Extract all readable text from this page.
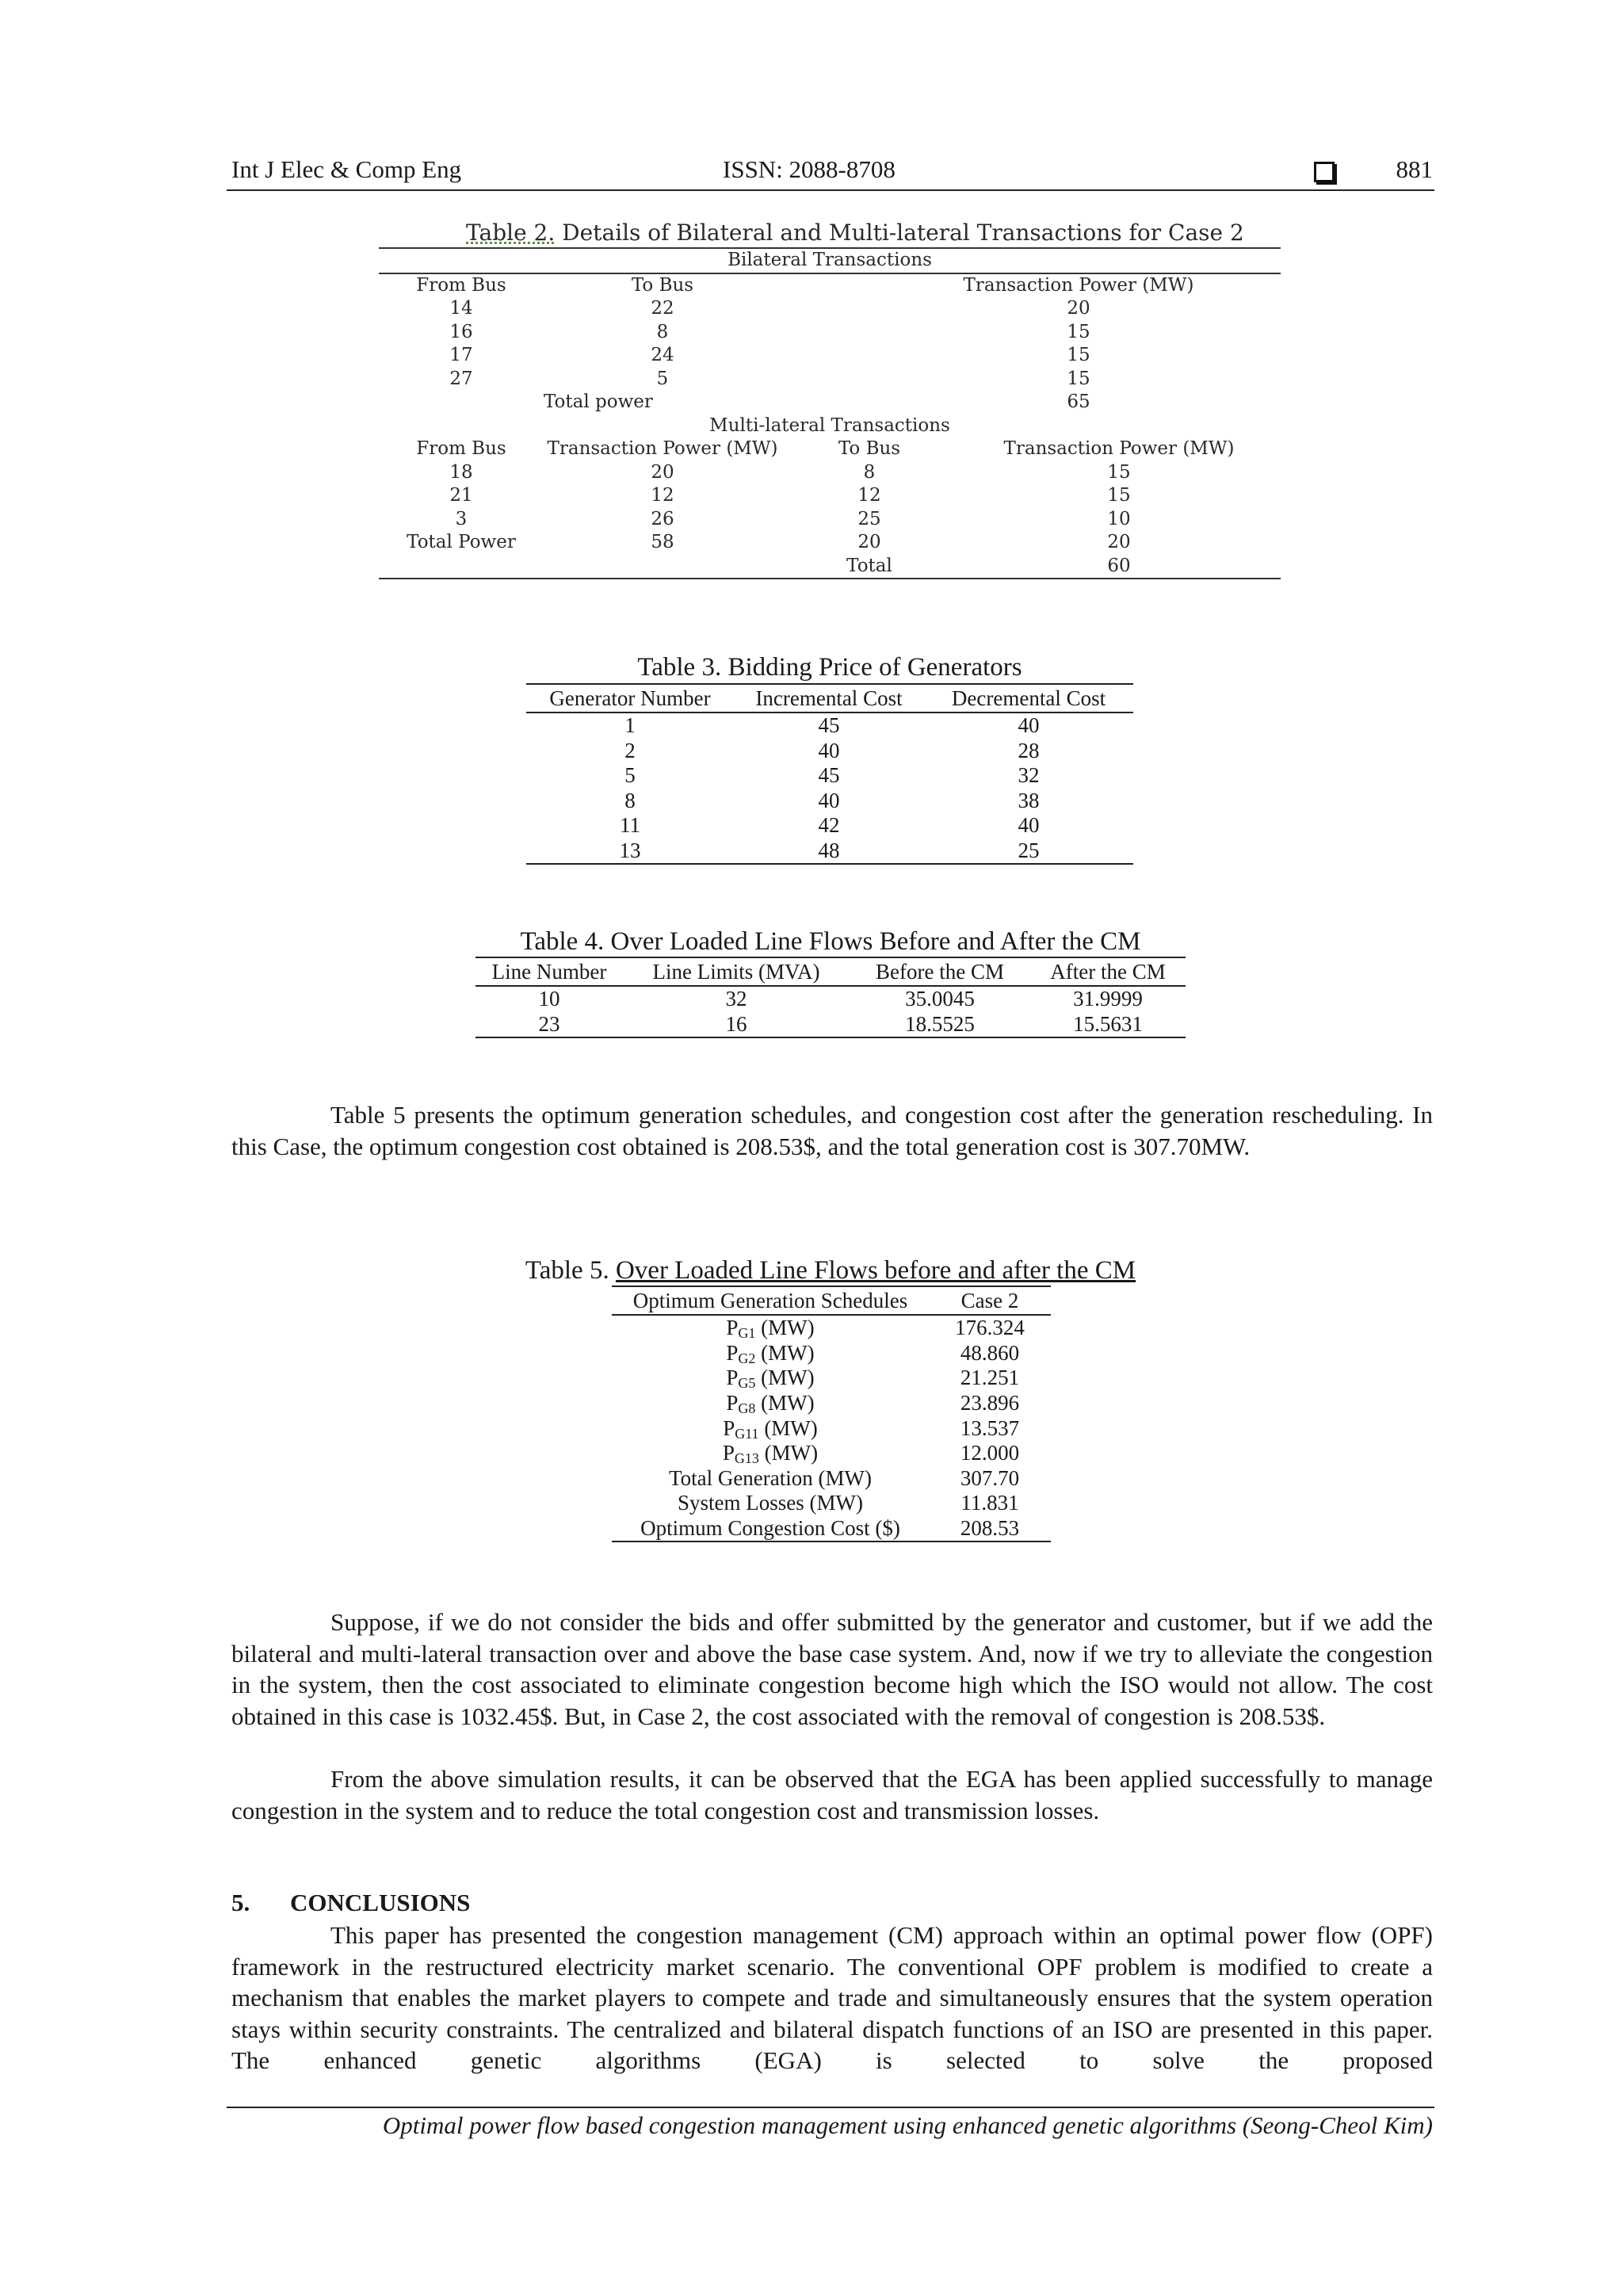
Int J Elec & Comp Eng	ISSN: 2088-8708	881
Table 2. Details of Bilateral and Multi-lateral Transactions for Case 2
Bilateral Transactions			
From Bus	To Bus	Transaction Power (MW)	
14	22	20	
16	8	15	
17	24	15	
27	5	15	
	Total power	65	
Multi-lateral Transactions			
From Bus	Transaction Power (MW)	To Bus	Transaction Power (MW)
18	20	8	15
21	12	12	15
3	26	25	10
Total Power	58	20	20
		Total	60
Table 3. Bidding Price of Generators
Generator Number	Incremental Cost	Decremental Cost
1	45	40
2	40	28
5	45	32
8	40	38
11	42	40
13	48	25
Table 4. Over Loaded Line Flows Before and After the CM
Line Number	Line Limits (MVA)	Before the CM	After the CM
10	32	35.0045	31.9999
23	16	18.5525	15.5631
Table 5 presents the optimum generation schedules, and congestion cost after the generation rescheduling. In this Case, the optimum congestion cost obtained is 208.53$, and the total generation cost is 307.70MW.
Table 5. Over Loaded Line Flows before and after the CM
Optimum Generation Schedules	Case 2
$P_{G1}$ (MW)	176.324
$P_{G2}$ (MW)	48.860
$P_{G5}$ (MW)	21.251
$P_{G8}$ (MW)	23.896
$P_{G11}$ (MW)	13.537
$P_{G13}$ (MW)	12.000
Total Generation (MW)	307.70
System Losses (MW)	11.831
Optimum Congestion Cost ($)	208.53
Suppose, if we do not consider the bids and offer submitted by the generator and customer, but if we add the bilateral and multi-lateral transaction over and above the base case system. And, now if we try to alleviate the congestion in the system, then the cost associated to eliminate congestion become high which the ISO would not allow. The cost obtained in this case is 1032.45$. But, in Case 2, the cost associated with the removal of congestion is 208.53$.
From the above simulation results, it can be observed that the EGA has been applied successfully to manage congestion in the system and to reduce the total congestion cost and transmission losses.
5. CONCLUSIONS
This paper has presented the congestion management (CM) approach within an optimal power flow (OPF) framework in the restructured electricity market scenario. The conventional OPF problem is modified to create a mechanism that enables the market players to compete and trade and simultaneously ensures that the system operation stays within security constraints. The centralized and bilateral dispatch functions of an ISO are presented in this paper. The enhanced genetic algorithms (EGA) is selected to solve the proposed
Optimal power flow based congestion management using enhanced genetic algorithms (Seong-Cheol Kim)
